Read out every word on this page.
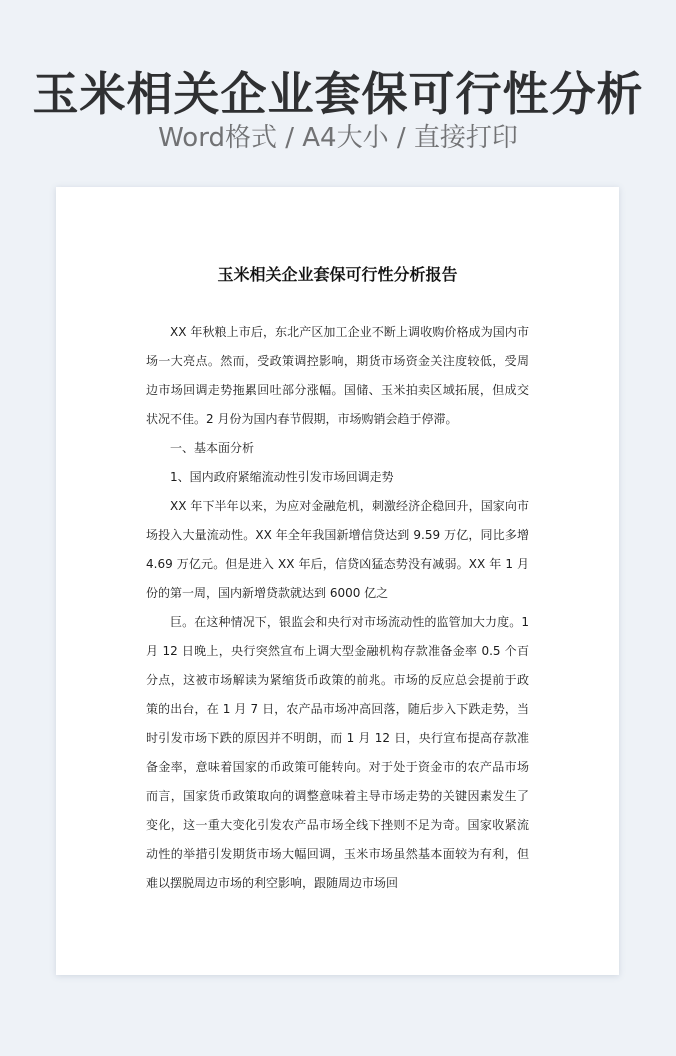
玉米相关企业套保可行性分析
Word格式 / A4大小 / 直接打印
玉米相关企业套保可行性分析报告

XX 年秋粮上市后，东北产区加工企业不断上调收购价格成为国内市场一大亮点。然而，受政策调控影响，期货市场资金关注度较低，受周边市场回调走势拖累回吐部分涨幅。国储、玉米拍卖区域拓展，但成交状况不佳。2 月份为国内春节假期，市场购销会趋于停滞。

一、基本面分析

1、国内政府紧缩流动性引发市场回调走势

XX 年下半年以来，为应对金融危机，刺激经济企稳回升，国家向市场投入大量流动性。XX 年全年我国新增信贷达到 9.59 万亿，同比多增 4.69 万亿元。但是进入 XX 年后，信贷凶猛态势没有减弱。XX 年 1 月份的第一周，国内新增贷款就达到 6000 亿之

巨。在这种情况下，银监会和央行对市场流动性的监管加大力度。1 月 12 日晚上，央行突然宣布上调大型金融机构存款准备金率 0.5 个百分点，这被市场解读为紧缩货币政策的前兆。市场的反应总会提前于政策的出台，在 1 月 7 日，农产品市场冲高回落，随后步入下跌走势，当时引发市场下跌的原因并不明朗，而 1 月 12 日，央行宣布提高存款准备金率，意味着国家的币政策可能转向。对于处于资金市的农产品市场而言，国家货币政策取向的调整意味着主导市场走势的关键因素发生了变化，这一重大变化引发农产品市场全线下挫则不足为奇。国家收紧流动性的举措引发期货市场大幅回调，玉米市场虽然基本面较为有利，但难以摆脱周边市场的利空影响，跟随周边市场回
